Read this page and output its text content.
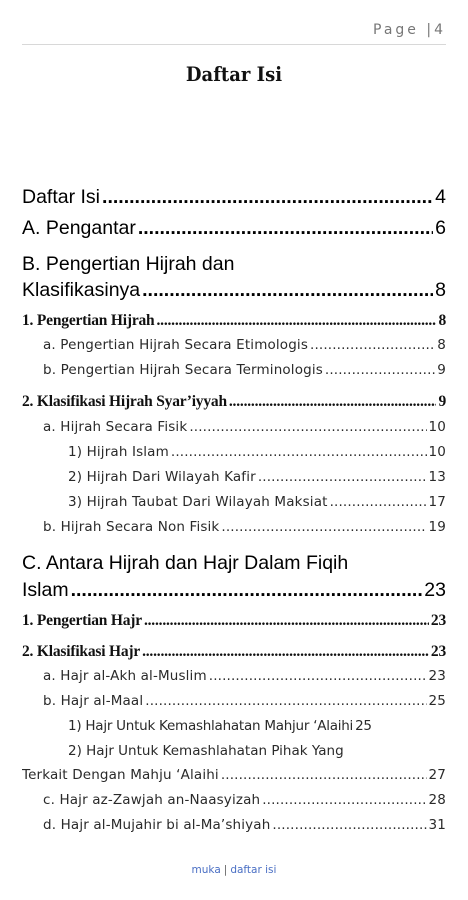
Page |4
Daftar Isi
Daftar Isi .....	4
A. Pengantar .....	6
B. Pengertian Hijrah dan
Klasifikasinya .....	8
1. Pengertian Hijrah .....	8
a. Pengertian Hijrah Secara Etimologis .....	8
b. Pengertian Hijrah Secara Terminologis .....	9
2. Klasifikasi Hijrah Syar’iyyah .....	9
a. Hijrah Secara Fisik .....	10
1) Hijrah Islam .....	10
2) Hijrah Dari Wilayah Kafir .....	13
3) Hijrah Taubat Dari Wilayah Maksiat .....	17
b. Hijrah Secara Non Fisik .....	19
C. Antara Hijrah dan Hajr Dalam Fiqih
Islam .....	23
1. Pengertian Hajr .....	23
2. Klasifikasi Hajr .....	23
a. Hajr al-Akh al-Muslim .....	23
b. Hajr al-Maal .....	25
1) Hajr Untuk Kemashlahatan Mahjur ‘Alaihi 25
2) Hajr Untuk Kemashlahatan Pihak Yang
Terkait Dengan Mahju ‘Alaihi .....	27
c. Hajr az-Zawjah an-Naasyizah .....	28
d. Hajr al-Mujahir bi al-Ma’shiyah .....	31
muka | daftar isi
